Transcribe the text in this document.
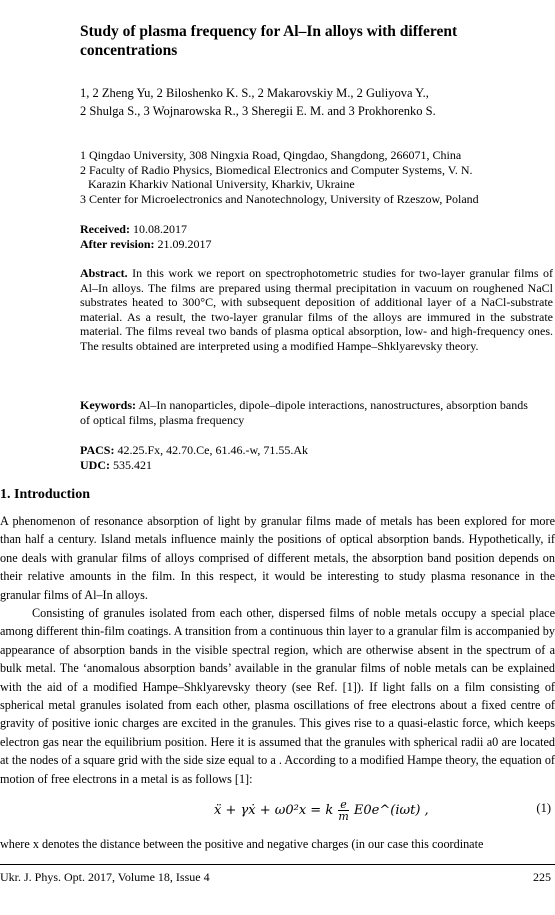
Study of plasma frequency for Al–In alloys with different concentrations
1, 2 Zheng Yu, 2 Biloshenko K. S., 2 Makarovskiy M., 2 Guliyova Y.,
2 Shulga S., 3 Wojnarowska R., 3 Sheregii E. M. and 3 Prokhorenko S.

1 Qingdao University, 308 Ningxia Road, Qingdao, Shangdong, 266071, China

2 Faculty of Radio Physics, Biomedical Electronics and Computer Systems, V. N.

Karazin Kharkiv National University, Kharkiv, Ukraine

3 Center for Microelectronics and Nanotechnology, University of Rzeszow, Poland

Received: 10.08.2017
After revision: 21.09.2017
Abstract. In this work we report on spectrophotometric studies for two-layer granular films of Al–In alloys. The films are prepared using thermal precipitation in vacuum on roughened NaCl substrates heated to 300°C, with subsequent deposition of additional layer of a NaCl-substrate material. As a result, the two-layer granular films of the alloys are immured in the substrate material. The films reveal two bands of plasma optical absorption, low- and high-frequency ones. The results obtained are interpreted using a modified Hampe–Shklyarevsky theory.
Keywords: Al–In nanoparticles, dipole–dipole interactions, nanostructures, absorption bands of optical films, plasma frequency
PACS: 42.25.Fx, 42.70.Ce, 61.46.-w, 71.55.Ak
UDC: 535.421
1. Introduction

A phenomenon of resonance absorption of light by granular films made of metals has been explored for more than half a century. Island metals influence mainly the positions of optical absorption bands. Hypothetically, if one deals with granular films of alloys comprised of different metals, the absorption band position depends on their relative amounts in the film. In this respect, it would be interesting to study plasma resonance in the granular films of Al–In alloys.

Consisting of granules isolated from each other, dispersed films of noble metals occupy a special place among different thin-film coatings. A transition from a continuous thin layer to a granular film is accompanied by appearance of absorption bands in the visible spectral region, which are otherwise absent in the spectrum of a bulk metal. The ‘anomalous absorption bands’ available in the granular films of noble metals can be explained with the aid of a modified Hampe–Shklyarevsky theory (see Ref. [1]). If light falls on a film consisting of spherical metal granules isolated from each other, plasma oscillations of free electrons about a fixed centre of gravity of positive ionic charges are excited in the granules. This gives rise to a quasi-elastic force, which keeps electron gas near the equilibrium position. Here it is assumed that the granules with spherical radii a0 are located at the nodes of a square grid with the side size equal to a . According to a modified Hampe theory, the equation of motion of free electrons in a metal is as follows [1]:

ẍ + γẋ + ω0²x = k $\frac{e}{m}$ E0e^(iωt) ,	(1)
where x denotes the distance between the positive and negative charges (in our case this coordinate
Ukr. J. Phys. Opt. 2017, Volume 18, Issue 4	225
